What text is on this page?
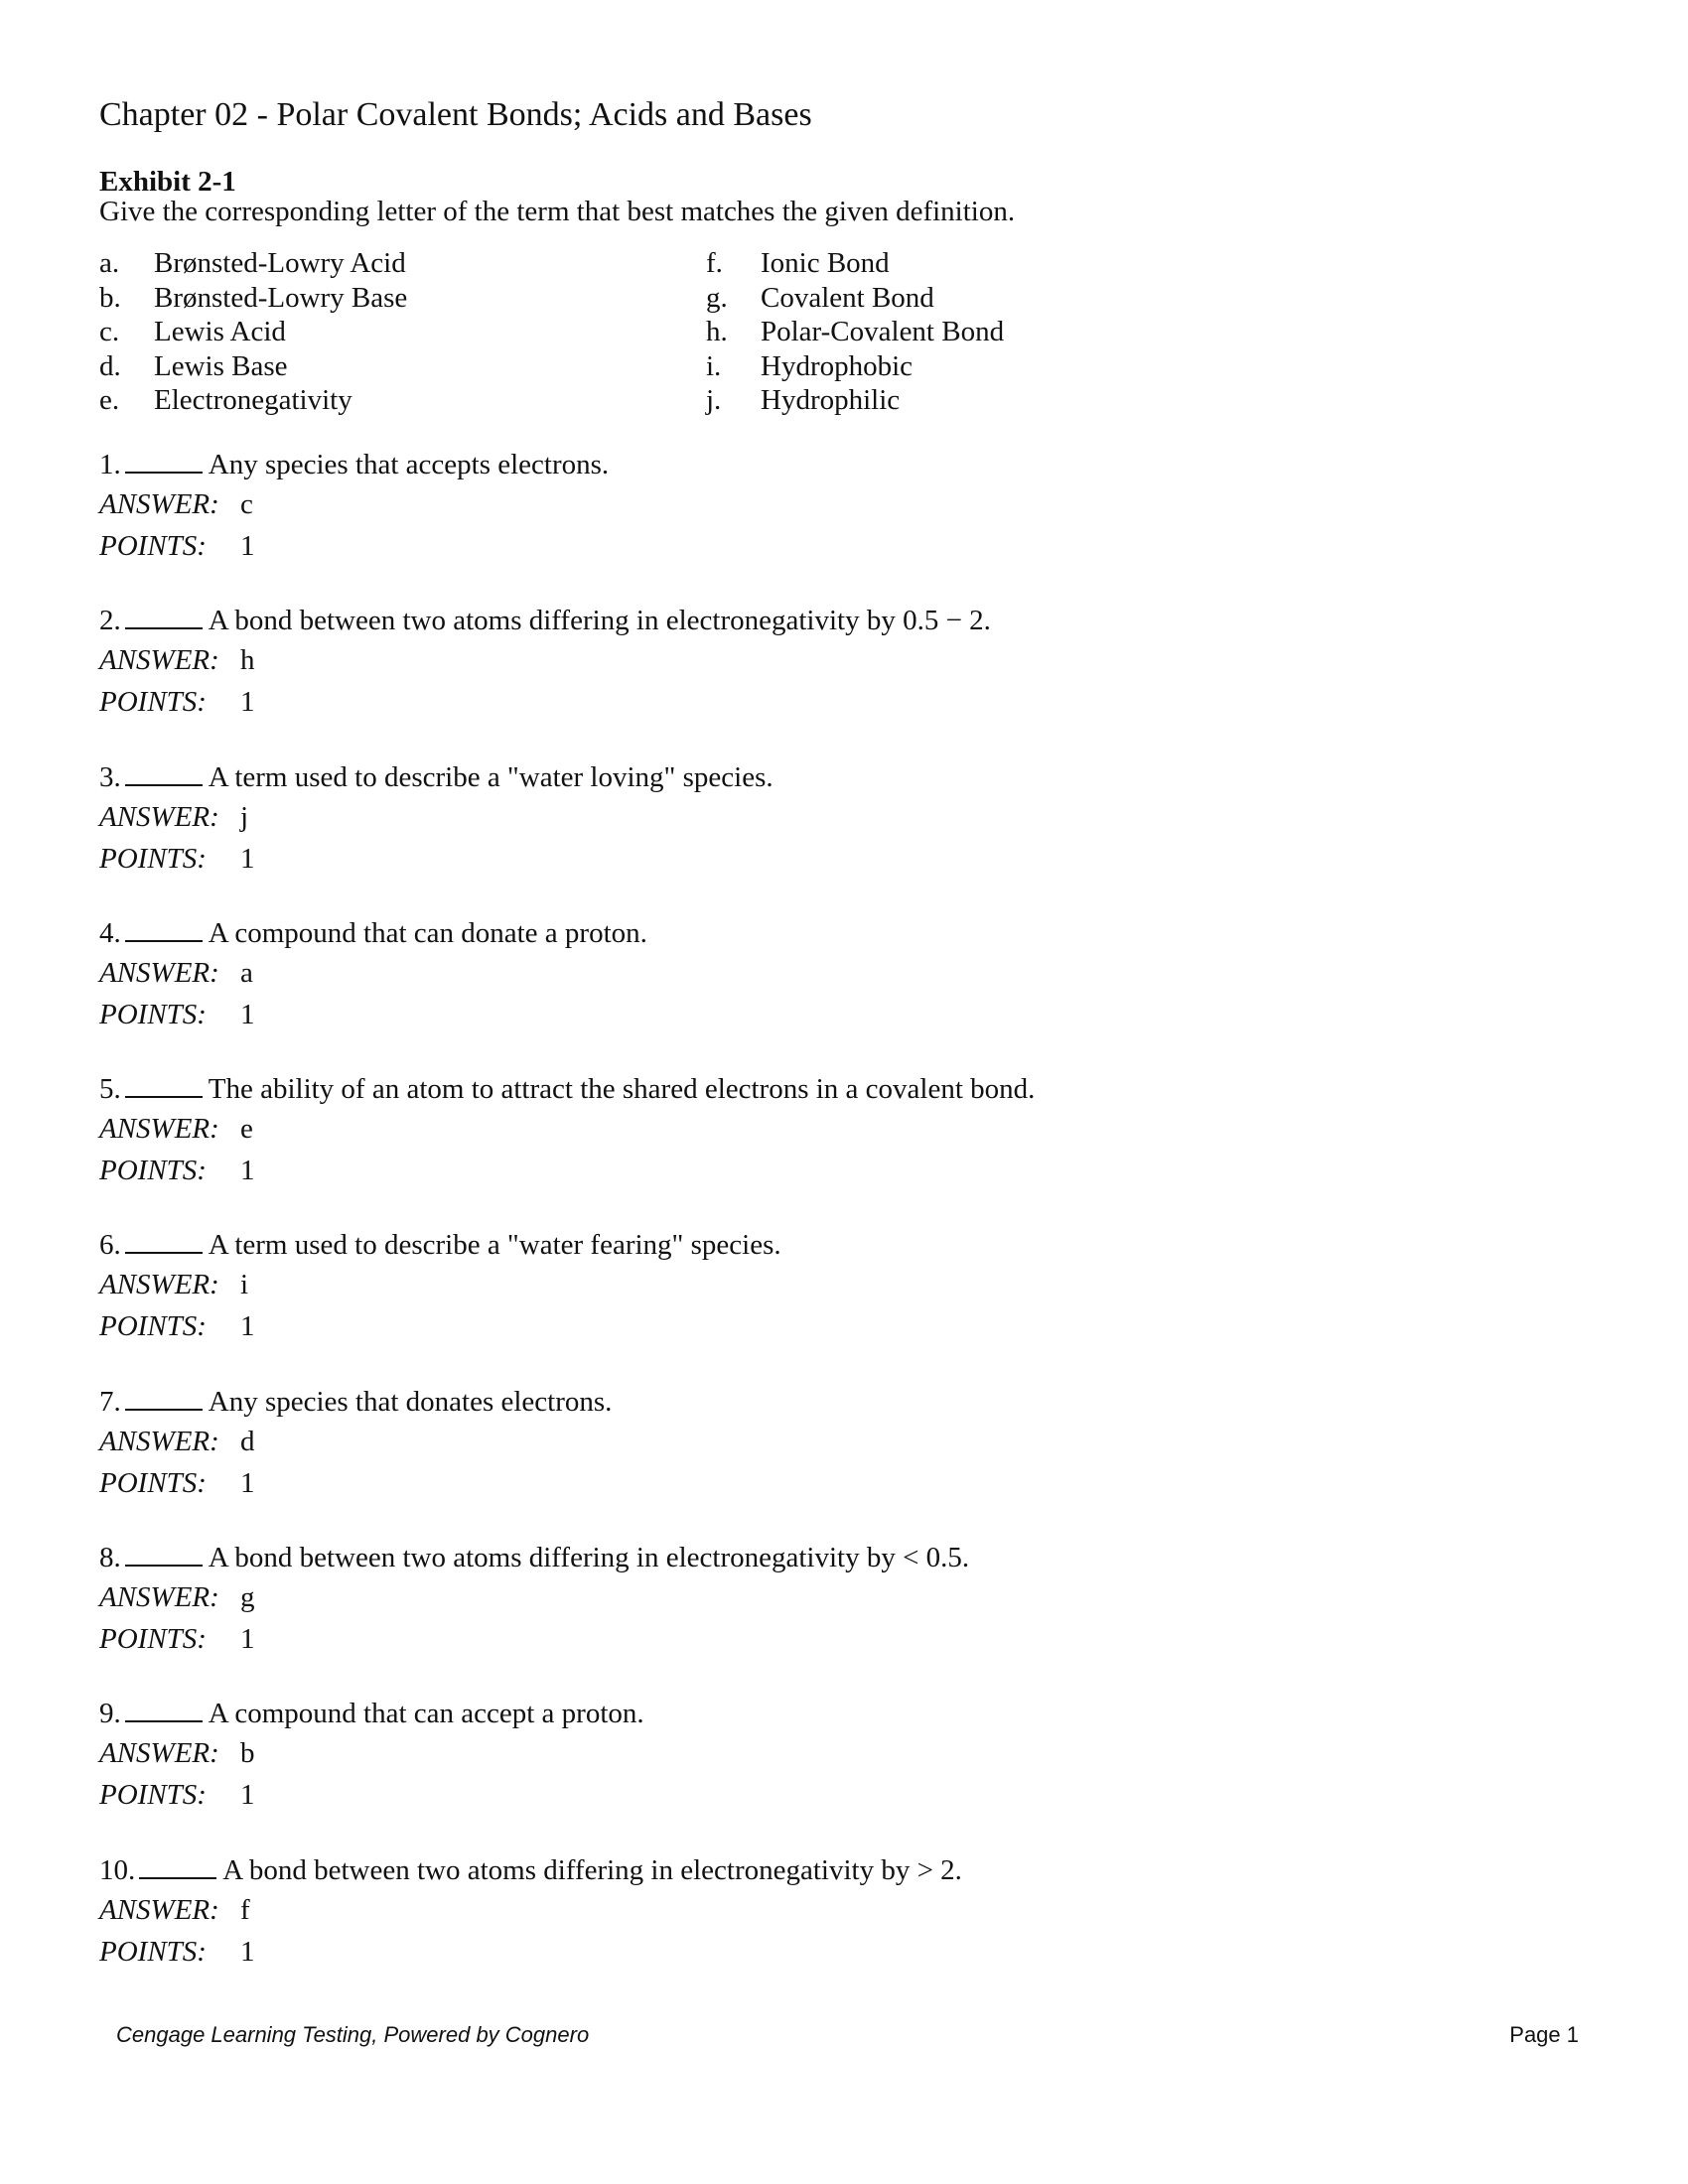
Chapter 02 - Polar Covalent Bonds; Acids and Bases
Exhibit 2-1
Give the corresponding letter of the term that best matches the given definition.
a.	Brønsted-Lowry Acid
b.	Brønsted-Lowry Base
c.	Lewis Acid
d.	Lewis Base
e.	Electronegativity
f.	Ionic Bond
g.	Covalent Bond
h.	Polar-Covalent Bond
i.	Hydrophobic
j.	Hydrophilic
1.	Any species that accepts electrons.
ANSWER: c
POINTS:	1
2.	A bond between two atoms differing in electronegativity by 0.5 − 2.
ANSWER: h
POINTS:	1
3.	A term used to describe a "water loving" species.
ANSWER: j
POINTS:	1
4.	A compound that can donate a proton.
ANSWER: a
POINTS:	1
5.	The ability of an atom to attract the shared electrons in a covalent bond.
ANSWER: e
POINTS:	1
6.	A term used to describe a "water fearing" species.
ANSWER: i
POINTS:	1
7.	Any species that donates electrons.
ANSWER: d
POINTS:	1
8.	A bond between two atoms differing in electronegativity by < 0.5.
ANSWER: g
POINTS:	1
9.	A compound that can accept a proton.
ANSWER: b
POINTS:	1
10.	A bond between two atoms differing in electronegativity by > 2.
ANSWER: f
POINTS:	1
Cengage Learning Testing, Powered by Cognero	Page 1
